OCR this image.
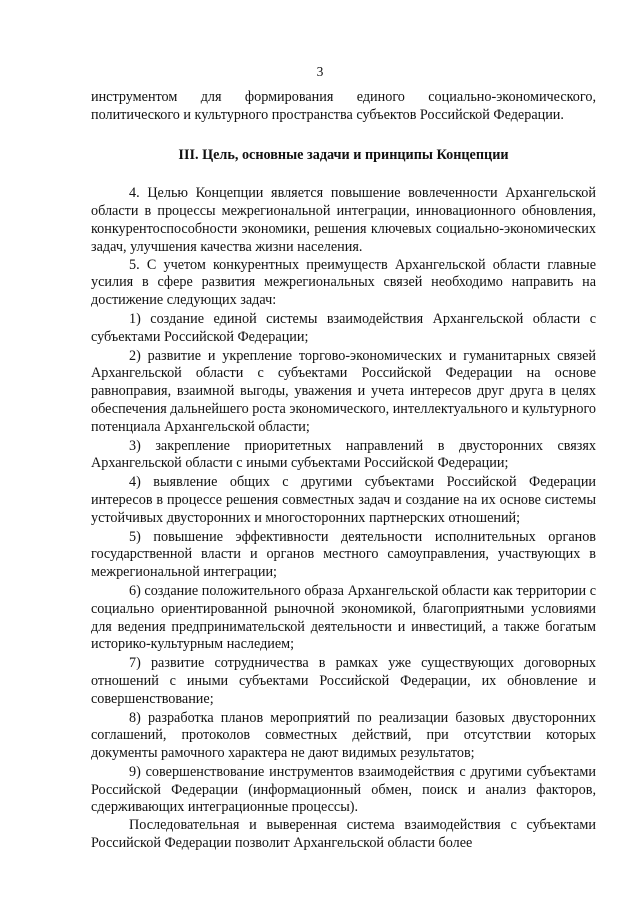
3

инструментом для формирования единого социально-экономического, политического и культурного пространства субъектов Российской Федерации.

III. Цель, основные задачи и принципы Концепции

4. Целью Концепции является повышение вовлеченности Архангельской области в процессы межрегиональной интеграции, инновационного обновления, конкурентоспособности экономики, решения ключевых социально-экономических задач, улучшения качества жизни населения.

5. С учетом конкурентных преимуществ Архангельской области главные усилия в сфере развития межрегиональных связей необходимо направить на достижение следующих задач:

1) создание единой системы взаимодействия Архангельской области с субъектами Российской Федерации;

2) развитие и укрепление торгово-экономических и гуманитарных связей Архангельской области с субъектами Российской Федерации на основе равноправия, взаимной выгоды, уважения и учета интересов друг друга в целях обеспечения дальнейшего роста экономического, интеллектуального и культурного потенциала Архангельской области;

3) закрепление приоритетных направлений в двусторонних связях Архангельской области с иными субъектами Российской Федерации;

4) выявление общих с другими субъектами Российской Федерации интересов в процессе решения совместных задач и создание на их основе системы устойчивых двусторонних и многосторонних партнерских отношений;

5) повышение эффективности деятельности исполнительных органов государственной власти и органов местного самоуправления, участвующих в межрегиональной интеграции;

6) создание положительного образа Архангельской области как территории с социально ориентированной рыночной экономикой, благоприятными условиями для ведения предпринимательской деятельности и инвестиций, а также богатым историко-культурным наследием;

7) развитие сотрудничества в рамках уже существующих договорных отношений с иными субъектами Российской Федерации, их обновление и совершенствование;

8) разработка планов мероприятий по реализации базовых двусторонних соглашений, протоколов совместных действий, при отсутствии которых документы рамочного характера не дают видимых результатов;

9) совершенствование инструментов взаимодействия с другими субъектами Российской Федерации (информационный обмен, поиск и анализ факторов, сдерживающих интеграционные процессы).

Последовательная и выверенная система взаимодействия с субъектами Российской Федерации позволит Архангельской области более
